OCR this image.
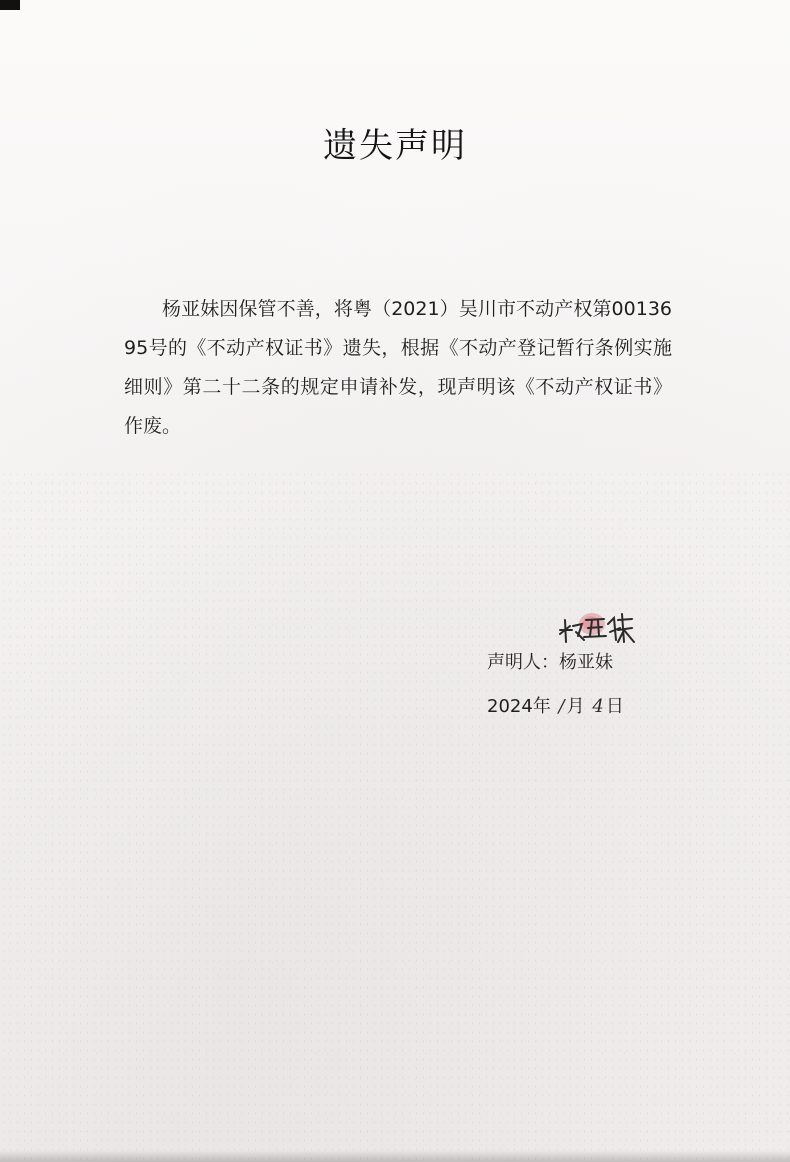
遗失声明
杨亚妹因保管不善，将粤（2021）吴川市不动产权第0013695号的《不动产权证书》遗失，根据《不动产登记暂行条例实施细则》第二十二条的规定申请补发，现声明该《不动产权证书》作废。
声明人：杨亚妹
2024年 / 月 4 日
